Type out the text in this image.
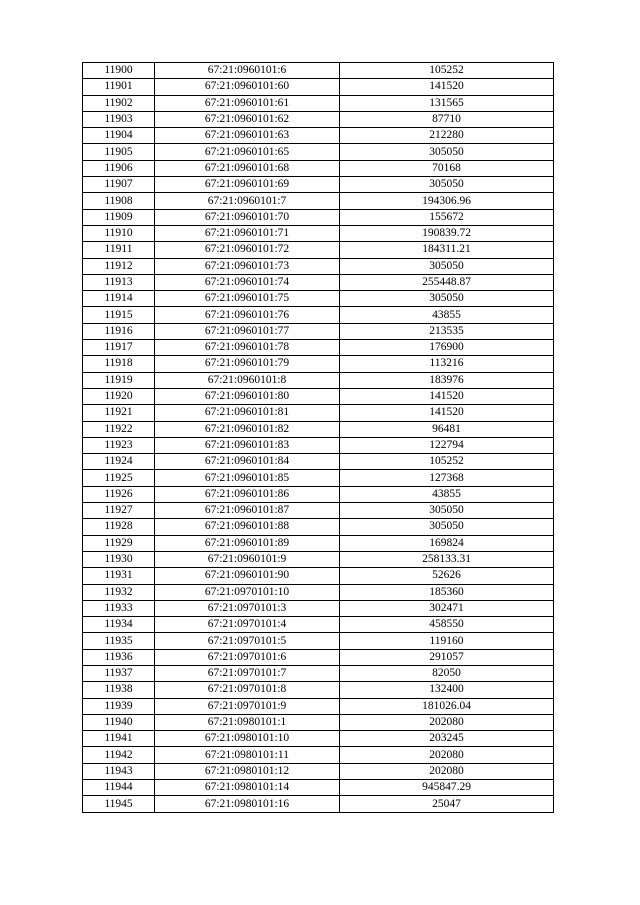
11900	67:21:0960101:6	105252
11901	67:21:0960101:60	141520
11902	67:21:0960101:61	131565
11903	67:21:0960101:62	87710
11904	67:21:0960101:63	212280
11905	67:21:0960101:65	305050
11906	67:21:0960101:68	70168
11907	67:21:0960101:69	305050
11908	67:21:0960101:7	194306.96
11909	67:21:0960101:70	155672
11910	67:21:0960101:71	190839.72
11911	67:21:0960101:72	184311.21
11912	67:21:0960101:73	305050
11913	67:21:0960101:74	255448.87
11914	67:21:0960101:75	305050
11915	67:21:0960101:76	43855
11916	67:21:0960101:77	213535
11917	67:21:0960101:78	176900
11918	67:21:0960101:79	113216
11919	67:21:0960101:8	183976
11920	67:21:0960101:80	141520
11921	67:21:0960101:81	141520
11922	67:21:0960101:82	96481
11923	67:21:0960101:83	122794
11924	67:21:0960101:84	105252
11925	67:21:0960101:85	127368
11926	67:21:0960101:86	43855
11927	67:21:0960101:87	305050
11928	67:21:0960101:88	305050
11929	67:21:0960101:89	169824
11930	67:21:0960101:9	258133.31
11931	67:21:0960101:90	52626
11932	67:21:0970101:10	185360
11933	67:21:0970101:3	302471
11934	67:21:0970101:4	458550
11935	67:21:0970101:5	119160
11936	67:21:0970101:6	291057
11937	67:21:0970101:7	82050
11938	67:21:0970101:8	132400
11939	67:21:0970101:9	181026.04
11940	67:21:0980101:1	202080
11941	67:21:0980101:10	203245
11942	67:21:0980101:11	202080
11943	67:21:0980101:12	202080
11944	67:21:0980101:14	945847.29
11945	67:21:0980101:16	25047
